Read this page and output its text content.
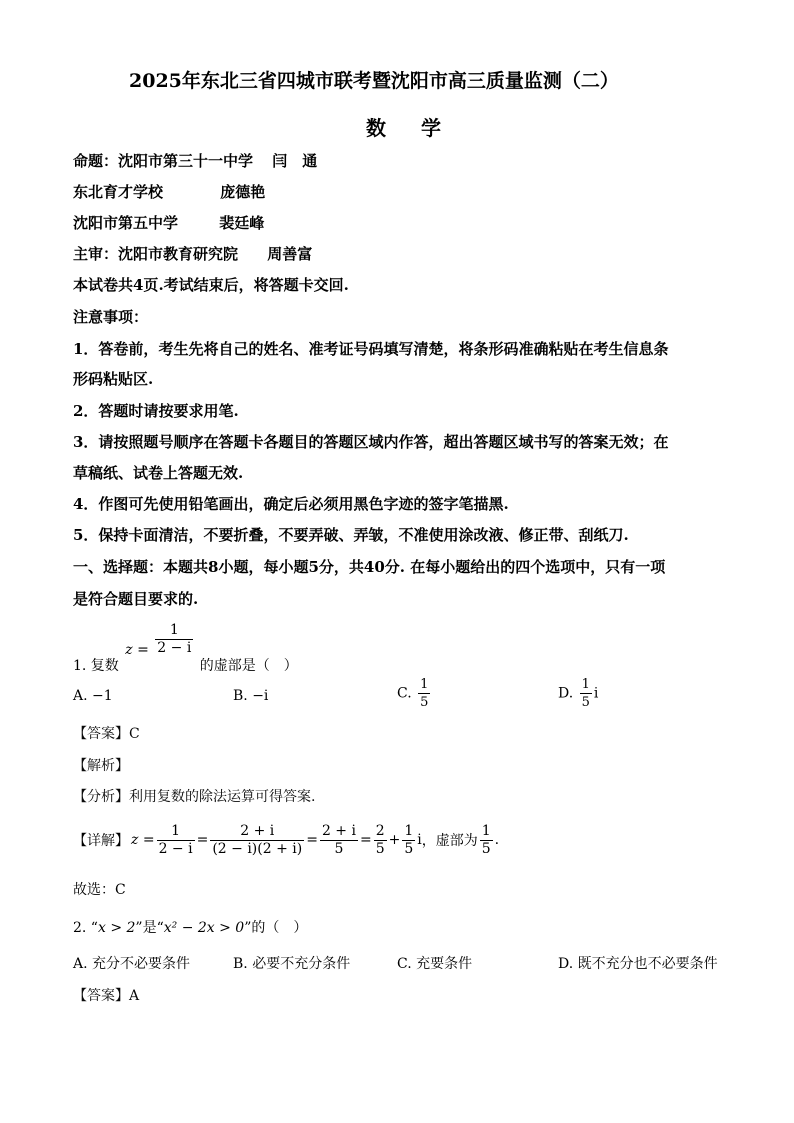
2025年东北三省四城市联考暨沈阳市高三质量监测（二）
数 学
命题：沈阳市第三十一中学 闫　通
东北育才学校	庞德艳
沈阳市第五中学	裴廷峰
主审：沈阳市教育研究院 周善富
本试卷共4页.考试结束后，将答题卡交回.
注意事项：
1．答卷前，考生先将自己的姓名、准考证号码填写清楚，将条形码准确粘贴在考生信息条
形码粘贴区.
2．答题时请按要求用笔.
3．请按照题号顺序在答题卡各题目的答题区域内作答，超出答题区域书写的答案无效；在
草稿纸、试卷上答题无效.
4．作图可先使用铅笔画出，确定后必须用黑色字迹的签字笔描黑.
5．保持卡面清洁，不要折叠，不要弄破、弄皱，不准使用涂改液、修正带、刮纸刀.
一、选择题：本题共8小题，每小题5分，共40分. 在每小题给出的四个选项中，只有一项
是符合题目要求的.
1. 复数 $z = \frac{1}{2 - i}$
的虚部是（　）
A. −1	B. −i	C. $\frac{1}{5}$	D. $\frac{1}{5}$ i
【答案】C
【解析】
【分析】利用复数的除法运算可得答案.
【详解】 $z = \frac{1}{2 - i} = \frac{2 + i}{(2 - i)(2 + i)} = \frac{2 + i}{5} = \frac{2}{5} + \frac{1}{5}$ i ，虚部为 $\frac{1}{5}$ .
故选：C
2. “x > 2”是“x² − 2x > 0”的（　）
A. 充分不必要条件	B. 必要不充分条件	C. 充要条件	D. 既不充分也不必要条件
【答案】A
